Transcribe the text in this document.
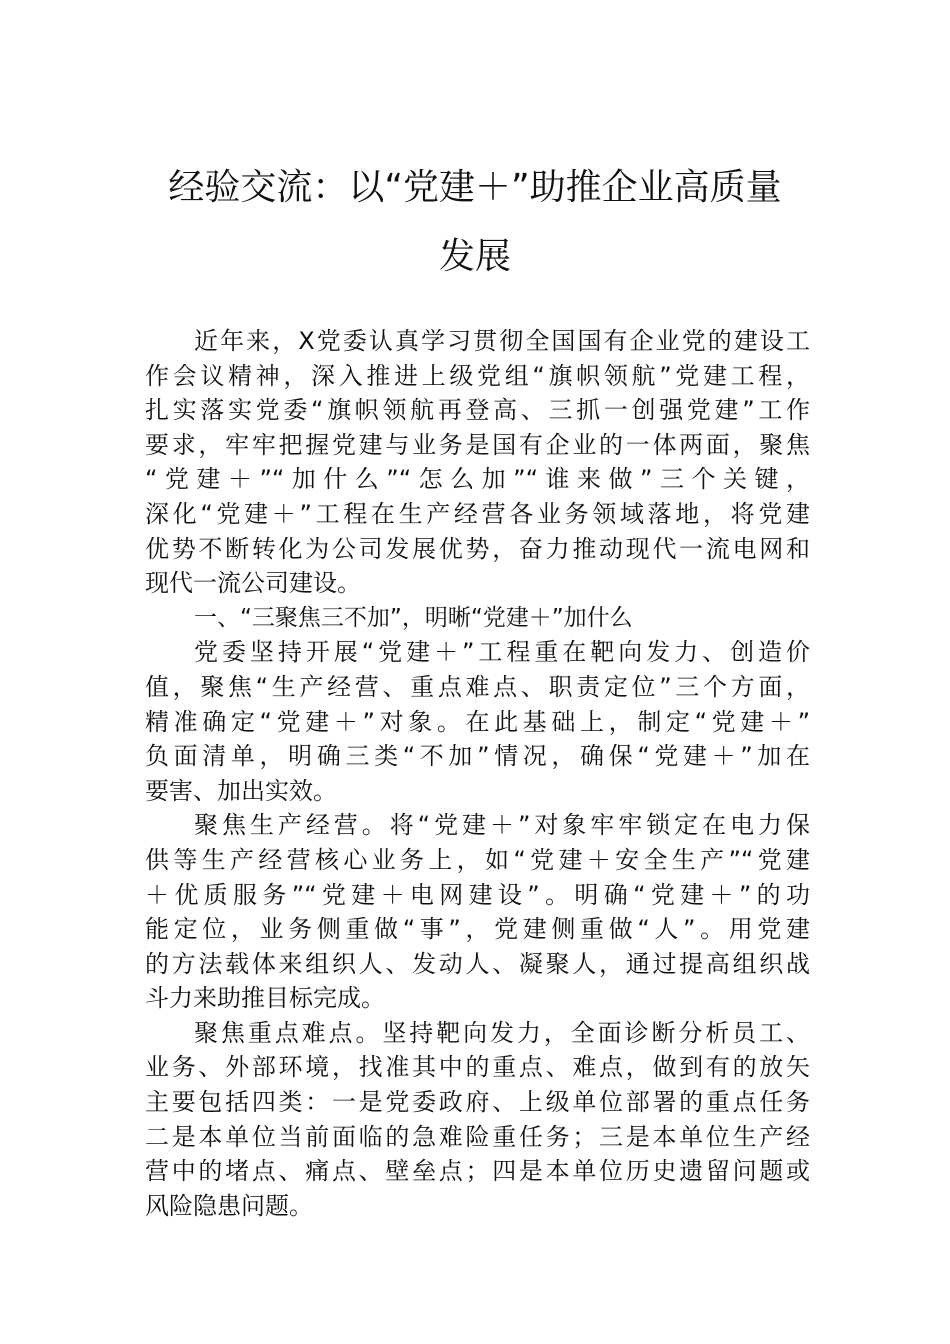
经验交流：以“党建＋”助推企业高质量
发展
近年来，X党委认真学习贯彻全国国有企业党的建设工
作会议精神，深入推进上级党组“旗帜领航”党建工程，
扎实落实党委“旗帜领航再登高、三抓一创强党建”工作
要求，牢牢把握党建与业务是国有企业的一体两面，聚焦
“党建＋”“加什么”“怎么加”“谁来做”三个关键，
深化“党建＋”工程在生产经营各业务领域落地，将党建
优势不断转化为公司发展优势，奋力推动现代一流电网和
现代一流公司建设。
一、“三聚焦三不加”，明晰“党建＋”加什么
党委坚持开展“党建＋”工程重在靶向发力、创造价
值，聚焦“生产经营、重点难点、职责定位”三个方面，
精准确定“党建＋”对象。在此基础上，制定“党建＋”
负面清单，明确三类“不加”情况，确保“党建＋”加在
要害、加出实效。
聚焦生产经营。将“党建＋”对象牢牢锁定在电力保
供等生产经营核心业务上，如“党建＋安全生产”“党建
＋优质服务”“党建＋电网建设”。明确“党建＋”的功
能定位，业务侧重做“事”，党建侧重做“人”。用党建
的方法载体来组织人、发动人、凝聚人，通过提高组织战
斗力来助推目标完成。
聚焦重点难点。坚持靶向发力，全面诊断分析员工、
业务、外部环境，找准其中的重点、难点，做到有的放矢
主要包括四类：一是党委政府、上级单位部署的重点任务
二是本单位当前面临的急难险重任务；三是本单位生产经
营中的堵点、痛点、壁垒点；四是本单位历史遗留问题或
风险隐患问题。
